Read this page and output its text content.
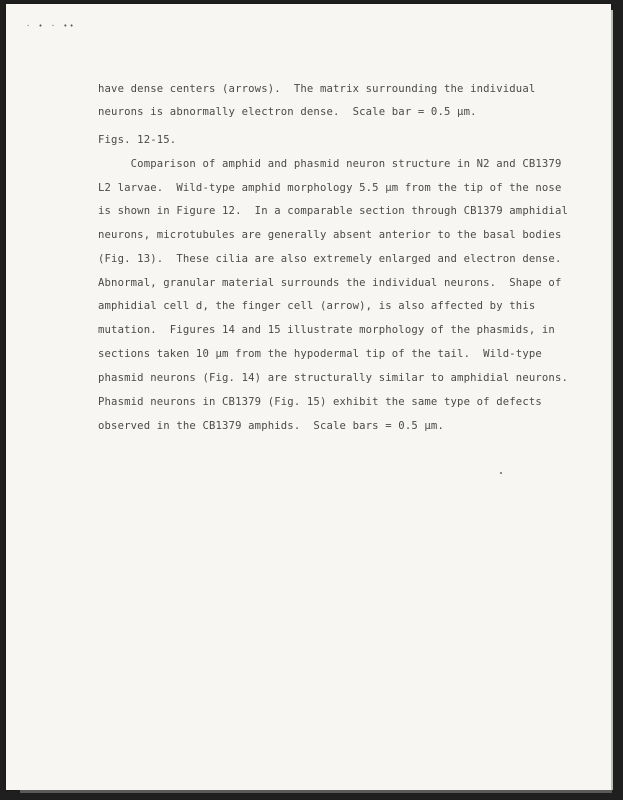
· • · ••
have dense centers (arrows).  The matrix surrounding the individual
neurons is abnormally electron dense.  Scale bar = 0.5 μm.
Figs. 12-15.
Comparison of amphid and phasmid neuron structure in N2 and CB1379
L2 larvae.  Wild-type amphid morphology 5.5 μm from the tip of the nose
is shown in Figure 12.  In a comparable section through CB1379 amphidial
neurons, microtubules are generally absent anterior to the basal bodies
(Fig. 13).  These cilia are also extremely enlarged and electron dense.
Abnormal, granular material surrounds the individual neurons.  Shape of
amphidial cell d, the finger cell (arrow), is also affected by this
mutation.  Figures 14 and 15 illustrate morphology of the phasmids, in
sections taken 10 μm from the hypodermal tip of the tail.  Wild-type
phasmid neurons (Fig. 14) are structurally similar to amphidial neurons.
Phasmid neurons in CB1379 (Fig. 15) exhibit the same type of defects
observed in the CB1379 amphids.  Scale bars = 0.5 μm.
